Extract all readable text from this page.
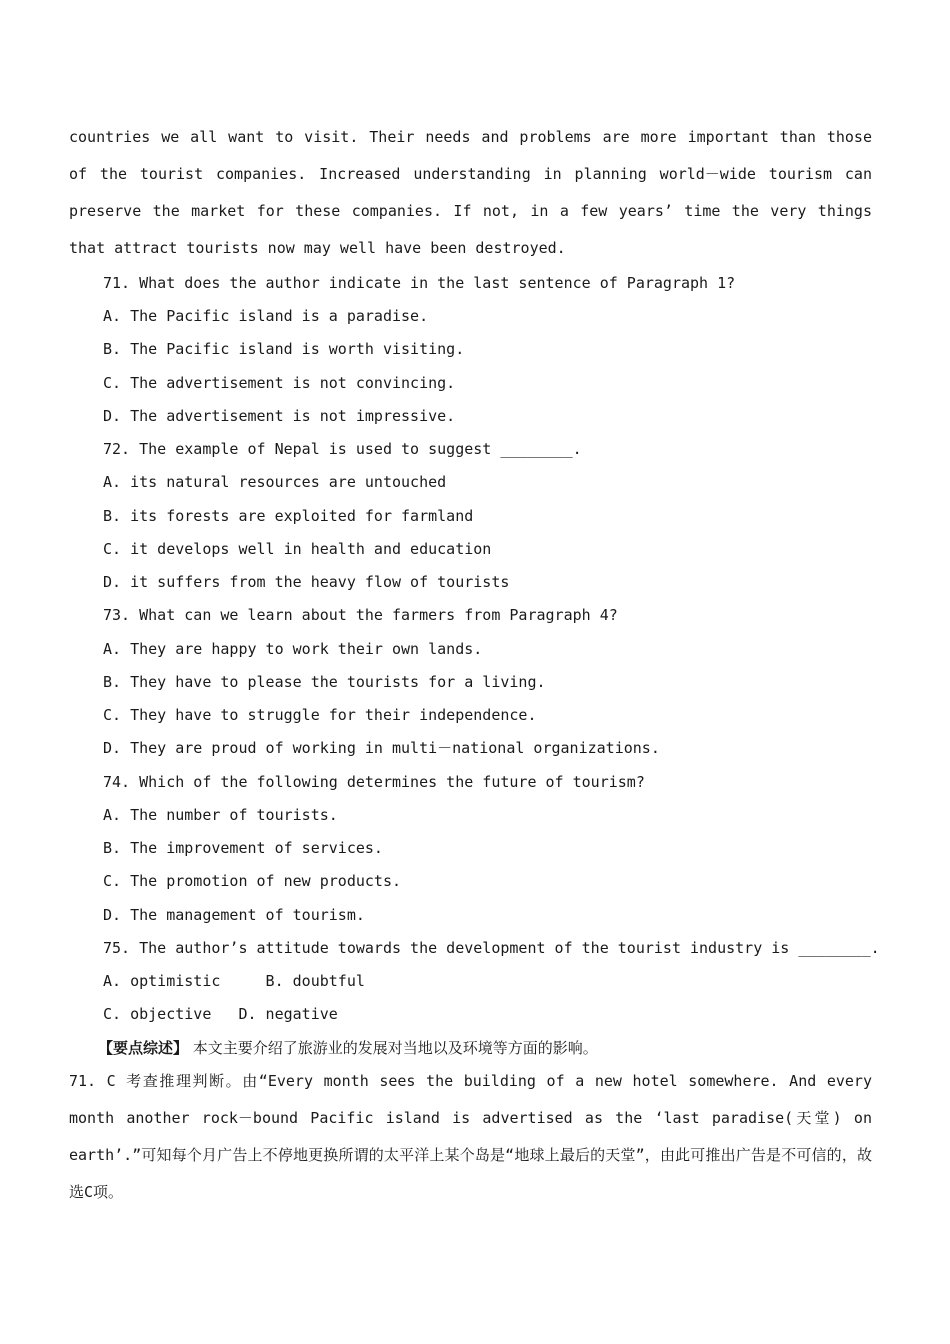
countries we all want to visit. Their needs and problems are more important than those of the tourist companies. Increased understanding in planning world－wide tourism can preserve the market for these companies. If not, in a few years’ time the very things that attract tourists now may well have been destroyed.

71. What does the author indicate in the last sentence of Paragraph 1?
A. The Pacific island is a paradise.
B. The Pacific island is worth visiting.
C. The advertisement is not convincing.
D. The advertisement is not impressive.
72. The example of Nepal is used to suggest ________.
A. its natural resources are untouched
B. its forests are exploited for farmland
C. it develops well in health and education
D. it suffers from the heavy flow of tourists
73. What can we learn about the farmers from Paragraph 4?
A. They are happy to work their own lands.
B. They have to please the tourists for a living.
C. They have to struggle for their independence.
D. They are proud of working in multi－national organizations.
74. Which of the following determines the future of tourism?
A. The number of tourists.
B. The improvement of services.
C. The promotion of new products.
D. The management of tourism.
75. The author’s attitude towards the development of the tourist industry is ________.
A. optimistic     B. doubtful
C. objective   D. negative
【要点综述】 本文主要介绍了旅游业的发展对当地以及环境等方面的影响。

71. C 考查推理判断。由“Every month sees the building of a new hotel somewhere. And every month another rock－bound Pacific island is advertised as the ‘last paradise(天堂) on earth’.”可知每个月广告上不停地更换所谓的太平洋上某个岛是“地球上最后的天堂”，由此可推出广告是不可信的，故选C项。
